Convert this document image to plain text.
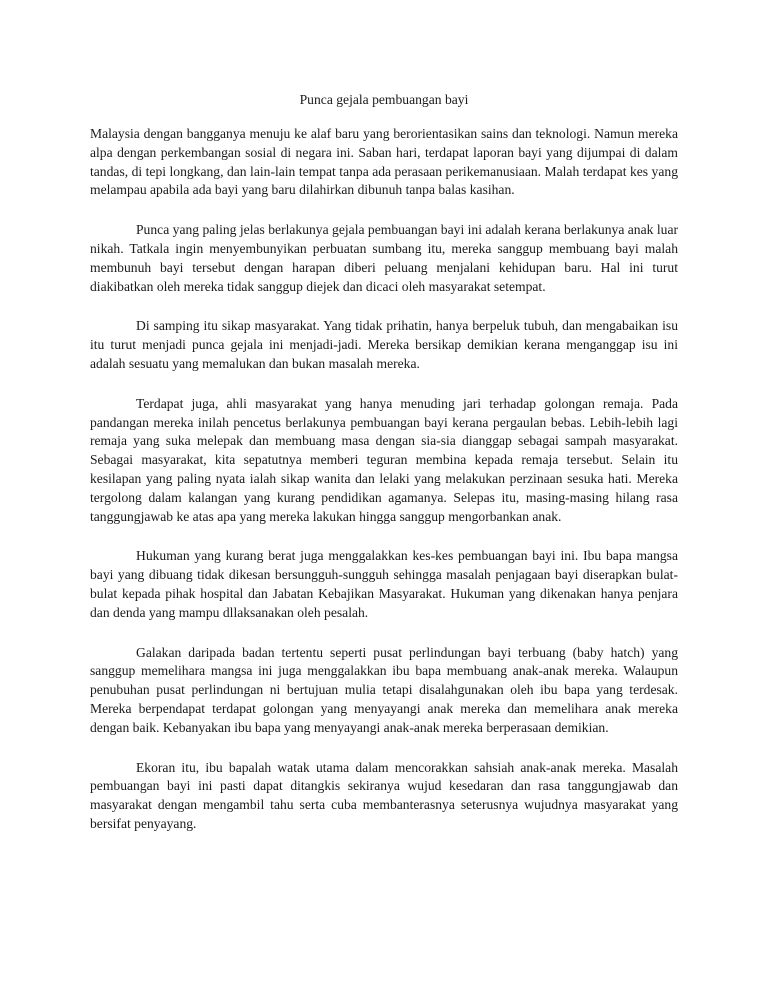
Punca gejala pembuangan bayi

Malaysia dengan bangganya menuju ke alaf baru yang berorientasikan sains dan teknologi. Namun mereka alpa dengan perkembangan sosial di negara ini. Saban hari, terdapat laporan bayi yang dijumpai di dalam tandas, di tepi longkang, dan lain-lain tempat tanpa ada perasaan perikemanusiaan. Malah terdapat kes yang melampau apabila ada bayi yang baru dilahirkan dibunuh tanpa balas kasihan.

Punca yang paling jelas berlakunya gejala pembuangan bayi ini adalah kerana berlakunya anak luar nikah. Tatkala ingin menyembunyikan perbuatan sumbang itu, mereka sanggup membuang bayi malah membunuh bayi tersebut dengan harapan diberi peluang menjalani kehidupan baru. Hal ini turut diakibatkan oleh mereka tidak sanggup diejek dan dicaci oleh masyarakat setempat.

Di samping itu sikap masyarakat. Yang tidak prihatin, hanya berpeluk tubuh, dan mengabaikan isu itu turut menjadi punca gejala ini menjadi-jadi. Mereka bersikap demikian kerana menganggap isu ini adalah sesuatu yang memalukan dan bukan masalah mereka.

Terdapat juga, ahli masyarakat yang hanya menuding jari terhadap golongan remaja. Pada pandangan mereka inilah pencetus berlakunya pembuangan bayi kerana pergaulan bebas. Lebih-lebih lagi remaja yang suka melepak dan membuang masa dengan sia-sia dianggap sebagai sampah masyarakat. Sebagai masyarakat, kita sepatutnya memberi teguran membina kepada remaja tersebut. Selain itu kesilapan yang paling nyata ialah sikap wanita dan lelaki yang melakukan perzinaan sesuka hati. Mereka tergolong dalam kalangan yang kurang pendidikan agamanya. Selepas itu, masing-masing hilang rasa tanggungjawab ke atas apa yang mereka lakukan hingga sanggup mengorbankan anak.

Hukuman yang kurang berat juga menggalakkan kes-kes pembuangan bayi ini. Ibu bapa mangsa bayi yang dibuang tidak dikesan bersungguh-sungguh sehingga masalah penjagaan bayi diserapkan bulat-bulat kepada pihak hospital dan Jabatan Kebajikan Masyarakat. Hukuman yang dikenakan hanya penjara dan denda yang mampu dllaksanakan oleh pesalah.

Galakan daripada badan tertentu seperti pusat perlindungan bayi terbuang (baby hatch) yang sanggup memelihara mangsa ini juga menggalakkan ibu bapa membuang anak-anak mereka. Walaupun penubuhan pusat perlindungan ni bertujuan mulia tetapi disalahgunakan oleh ibu bapa yang terdesak. Mereka berpendapat terdapat golongan yang menyayangi anak mereka dan memelihara anak mereka dengan baik. Kebanyakan ibu bapa yang menyayangi anak-anak mereka berperasaan demikian.

Ekoran itu, ibu bapalah watak utama dalam mencorakkan sahsiah anak-anak mereka. Masalah pembuangan bayi ini pasti dapat ditangkis sekiranya wujud kesedaran dan rasa tanggungjawab dan masyarakat dengan mengambil tahu serta cuba membanterasnya seterusnya wujudnya masyarakat yang bersifat penyayang.
